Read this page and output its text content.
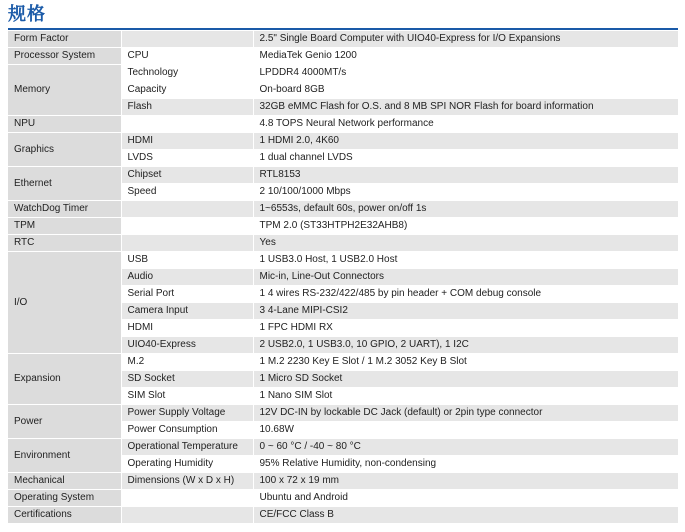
规格
Form Factor		2.5" Single Board Computer with UIO40-Express for I/O Expansions
Processor System	CPU	MediaTek Genio 1200
Memory	Technology	LPDDR4 4000MT/s
	Capacity	On-board 8GB
	Flash	32GB eMMC Flash for O.S. and 8 MB SPI NOR Flash for board information
NPU		4.8 TOPS Neural Network performance
Graphics	HDMI	1 HDMI 2.0, 4K60
	LVDS	1 dual channel LVDS
Ethernet	Chipset	RTL8153
	Speed	2 10/100/1000 Mbps
WatchDog Timer		1~6553s, default 60s, power on/off 1s
TPM		TPM 2.0 (ST33HTPH2E32AHB8)
RTC		Yes
I/O	USB	1 USB3.0 Host, 1 USB2.0 Host
	Audio	Mic-in, Line-Out Connectors
	Serial Port	1 4 wires RS-232/422/485 by pin header + COM debug console
	Camera Input	3 4-Lane MIPI-CSI2
	HDMI	1 FPC HDMI RX
	UIO40-Express	2 USB2.0, 1 USB3.0, 10 GPIO, 2 UART), 1 I2C
Expansion	M.2	1 M.2 2230 Key E Slot / 1 M.2 3052 Key B Slot
	SD Socket	1 Micro SD Socket
	SIM Slot	1 Nano SIM Slot
Power	Power Supply Voltage	12V DC-IN by lockable DC Jack (default) or 2pin type connector
	Power Consumption	10.68W
Environment	Operational Temperature	0 ~ 60 °C / -40 ~ 80 °C
	Operating Humidity	95% Relative Humidity, non-condensing
Mechanical	Dimensions (W x D x H)	100 x 72 x 19 mm
Operating System		Ubuntu and Android
Certifications		CE/FCC Class B
